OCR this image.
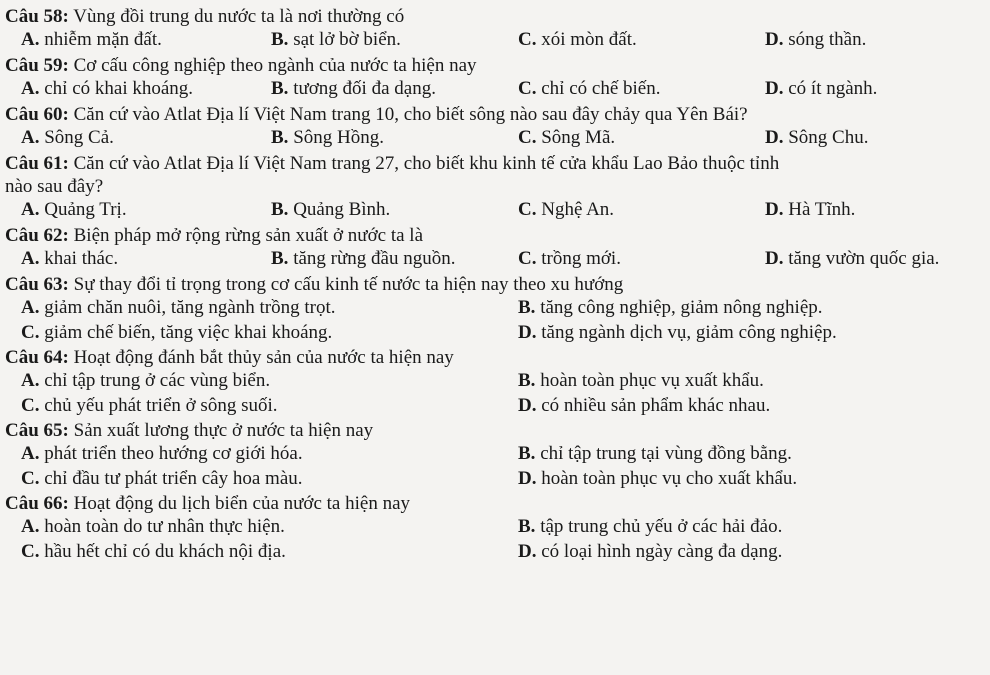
Câu 58: Vùng đồi trung du nước ta là nơi thường có
A. nhiễm mặn đất.	B. sạt lở bờ biển.	C. xói mòn đất.	D. sóng thần.
Câu 59: Cơ cấu công nghiệp theo ngành của nước ta hiện nay
A. chỉ có khai khoáng.	B. tương đối đa dạng.	C. chỉ có chế biến.	D. có ít ngành.
Câu 60: Căn cứ vào Atlat Địa lí Việt Nam trang 10, cho biết sông nào sau đây chảy qua Yên Bái?
A. Sông Cả.	B. Sông Hồng.	C. Sông Mã.	D. Sông Chu.
Câu 61: Căn cứ vào Atlat Địa lí Việt Nam trang 27, cho biết khu kinh tế cửa khẩu Lao Bảo thuộc tỉnh
nào sau đây?
A. Quảng Trị.	B. Quảng Bình.	C. Nghệ An.	D. Hà Tĩnh.
Câu 62: Biện pháp mở rộng rừng sản xuất ở nước ta là
A. khai thác.	B. tăng rừng đầu nguồn.	C. trồng mới.	D. tăng vườn quốc gia.
Câu 63: Sự thay đổi tỉ trọng trong cơ cấu kinh tế nước ta hiện nay theo xu hướng
A. giảm chăn nuôi, tăng ngành trồng trọt.	B. tăng công nghiệp, giảm nông nghiệp.
C. giảm chế biến, tăng việc khai khoáng.	D. tăng ngành dịch vụ, giảm công nghiệp.
Câu 64: Hoạt động đánh bắt thủy sản của nước ta hiện nay
A. chỉ tập trung ở các vùng biển.	B. hoàn toàn phục vụ xuất khẩu.
C. chủ yếu phát triển ở sông suối.	D. có nhiều sản phẩm khác nhau.
Câu 65: Sản xuất lương thực ở nước ta hiện nay
A. phát triển theo hướng cơ giới hóa.	B. chỉ tập trung tại vùng đồng bằng.
C. chỉ đầu tư phát triển cây hoa màu.	D. hoàn toàn phục vụ cho xuất khẩu.
Câu 66: Hoạt động du lịch biển của nước ta hiện nay
A. hoàn toàn do tư nhân thực hiện.	B. tập trung chủ yếu ở các hải đảo.
C. hầu hết chỉ có du khách nội địa.	D. có loại hình ngày càng đa dạng.
